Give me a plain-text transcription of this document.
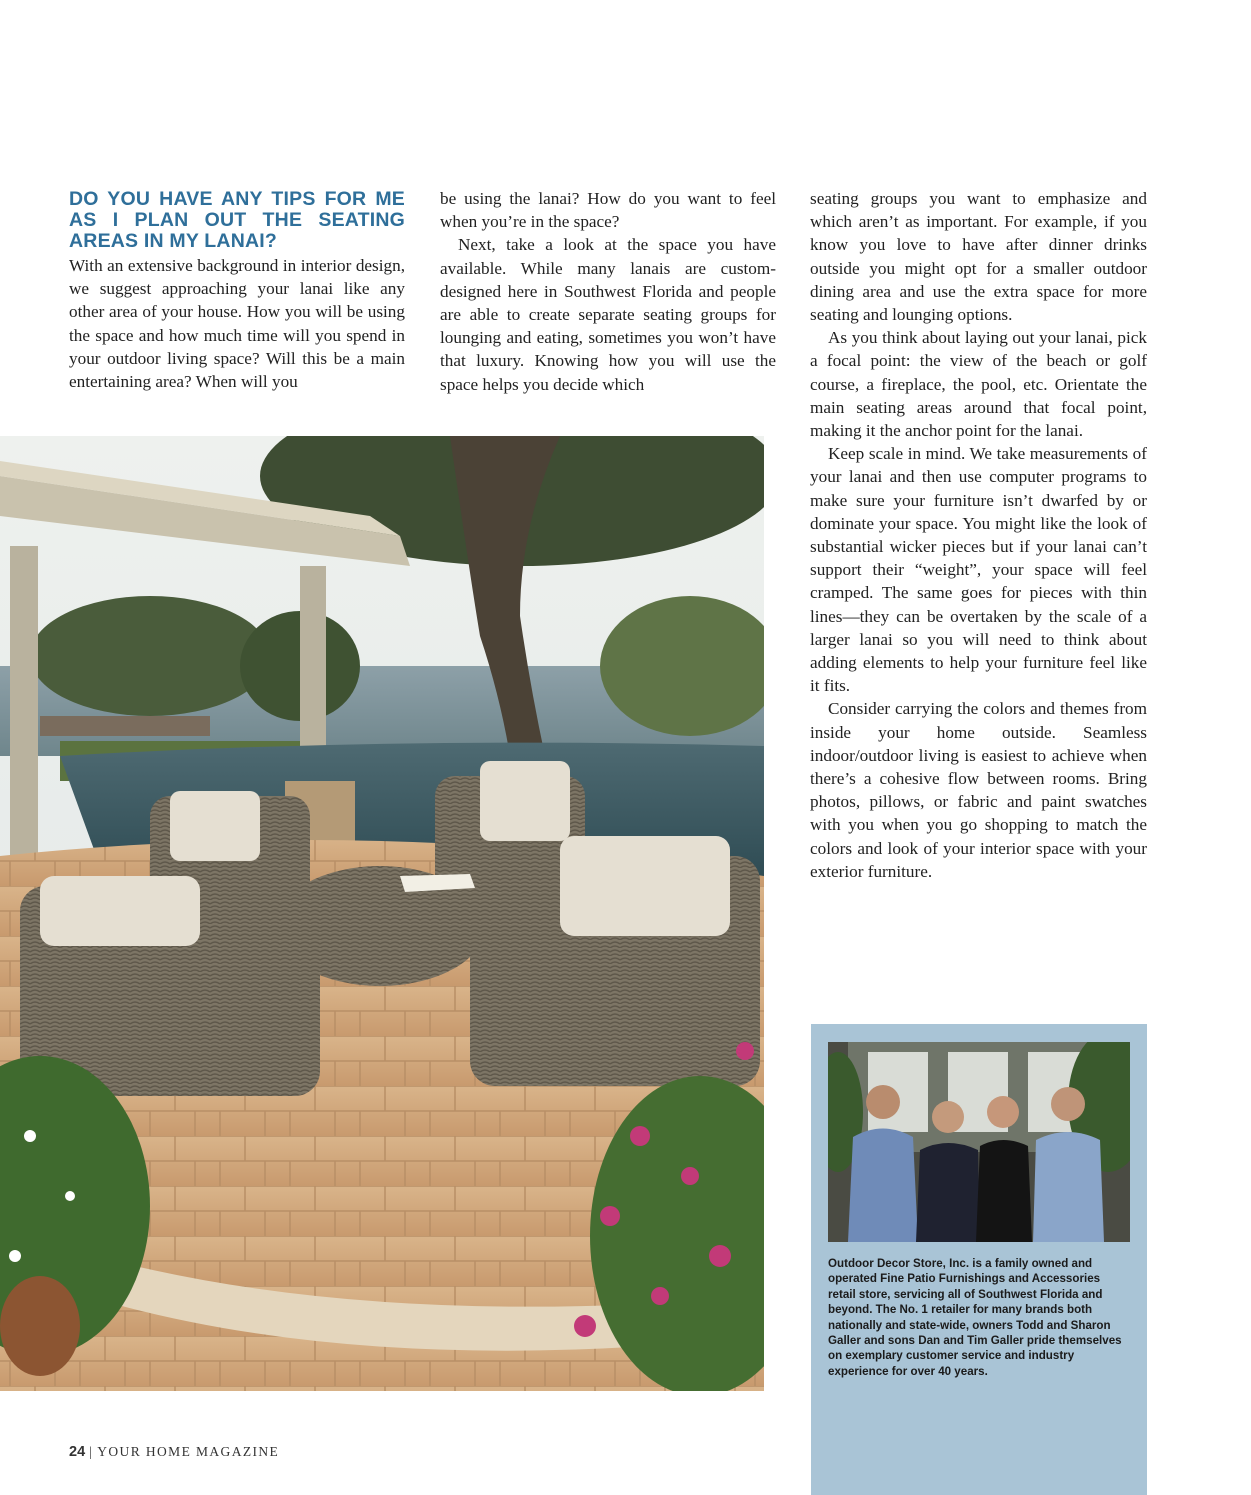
DO YOU HAVE ANY TIPS FOR ME AS I PLAN OUT THE SEATING AREAS IN MY LANAI?

With an extensive background in interior design, we suggest approaching your lanai like any other area of your house. How you will be using the space and how much time will you spend in your outdoor living space? Will this be a main entertaining area? When will you

be using the lanai? How do you want to feel when you’re in the space?

Next, take a look at the space you have available. While many lanais are custom-designed here in Southwest Florida and people are able to create separate seating groups for lounging and eating, sometimes you won’t have that luxury. Knowing how you will use the space helps you decide which

seating groups you want to emphasize and which aren’t as important. For example, if you know you love to have after dinner drinks outside you might opt for a smaller outdoor dining area and use the extra space for more seating and lounging options.

As you think about laying out your lanai, pick a focal point: the view of the beach or golf course, a fireplace, the pool, etc. Orientate the main seating areas around that focal point, making it the anchor point for the lanai.

Keep scale in mind. We take measurements of your lanai and then use computer programs to make sure your furniture isn’t dwarfed by or dominate your space. You might like the look of substantial wicker pieces but if your lanai can’t support their “weight”, your space will feel cramped. The same goes for pieces with thin lines—they can be overtaken by the scale of a larger lanai so you will need to think about adding elements to help your furniture feel like it fits.

Consider carrying the colors and themes from inside your home outside. Seamless indoor/outdoor living is easiest to achieve when there’s a cohesive flow between rooms. Bring photos, pillows, or fabric and paint swatches with you when you go shopping to match the colors and look of your interior space with your exterior furniture.

Outdoor Decor Store, Inc. is a family owned and operated Fine Patio Furnishings and Accessories retail store, servicing all of Southwest Florida and beyond. The No. 1 retailer for many brands both nationally and state-wide, owners Todd and Sharon Galler and sons Dan and Tim Galler pride themselves on exemplary customer service and industry experience for over 40 years.
24 | YOUR HOME MAGAZINE
